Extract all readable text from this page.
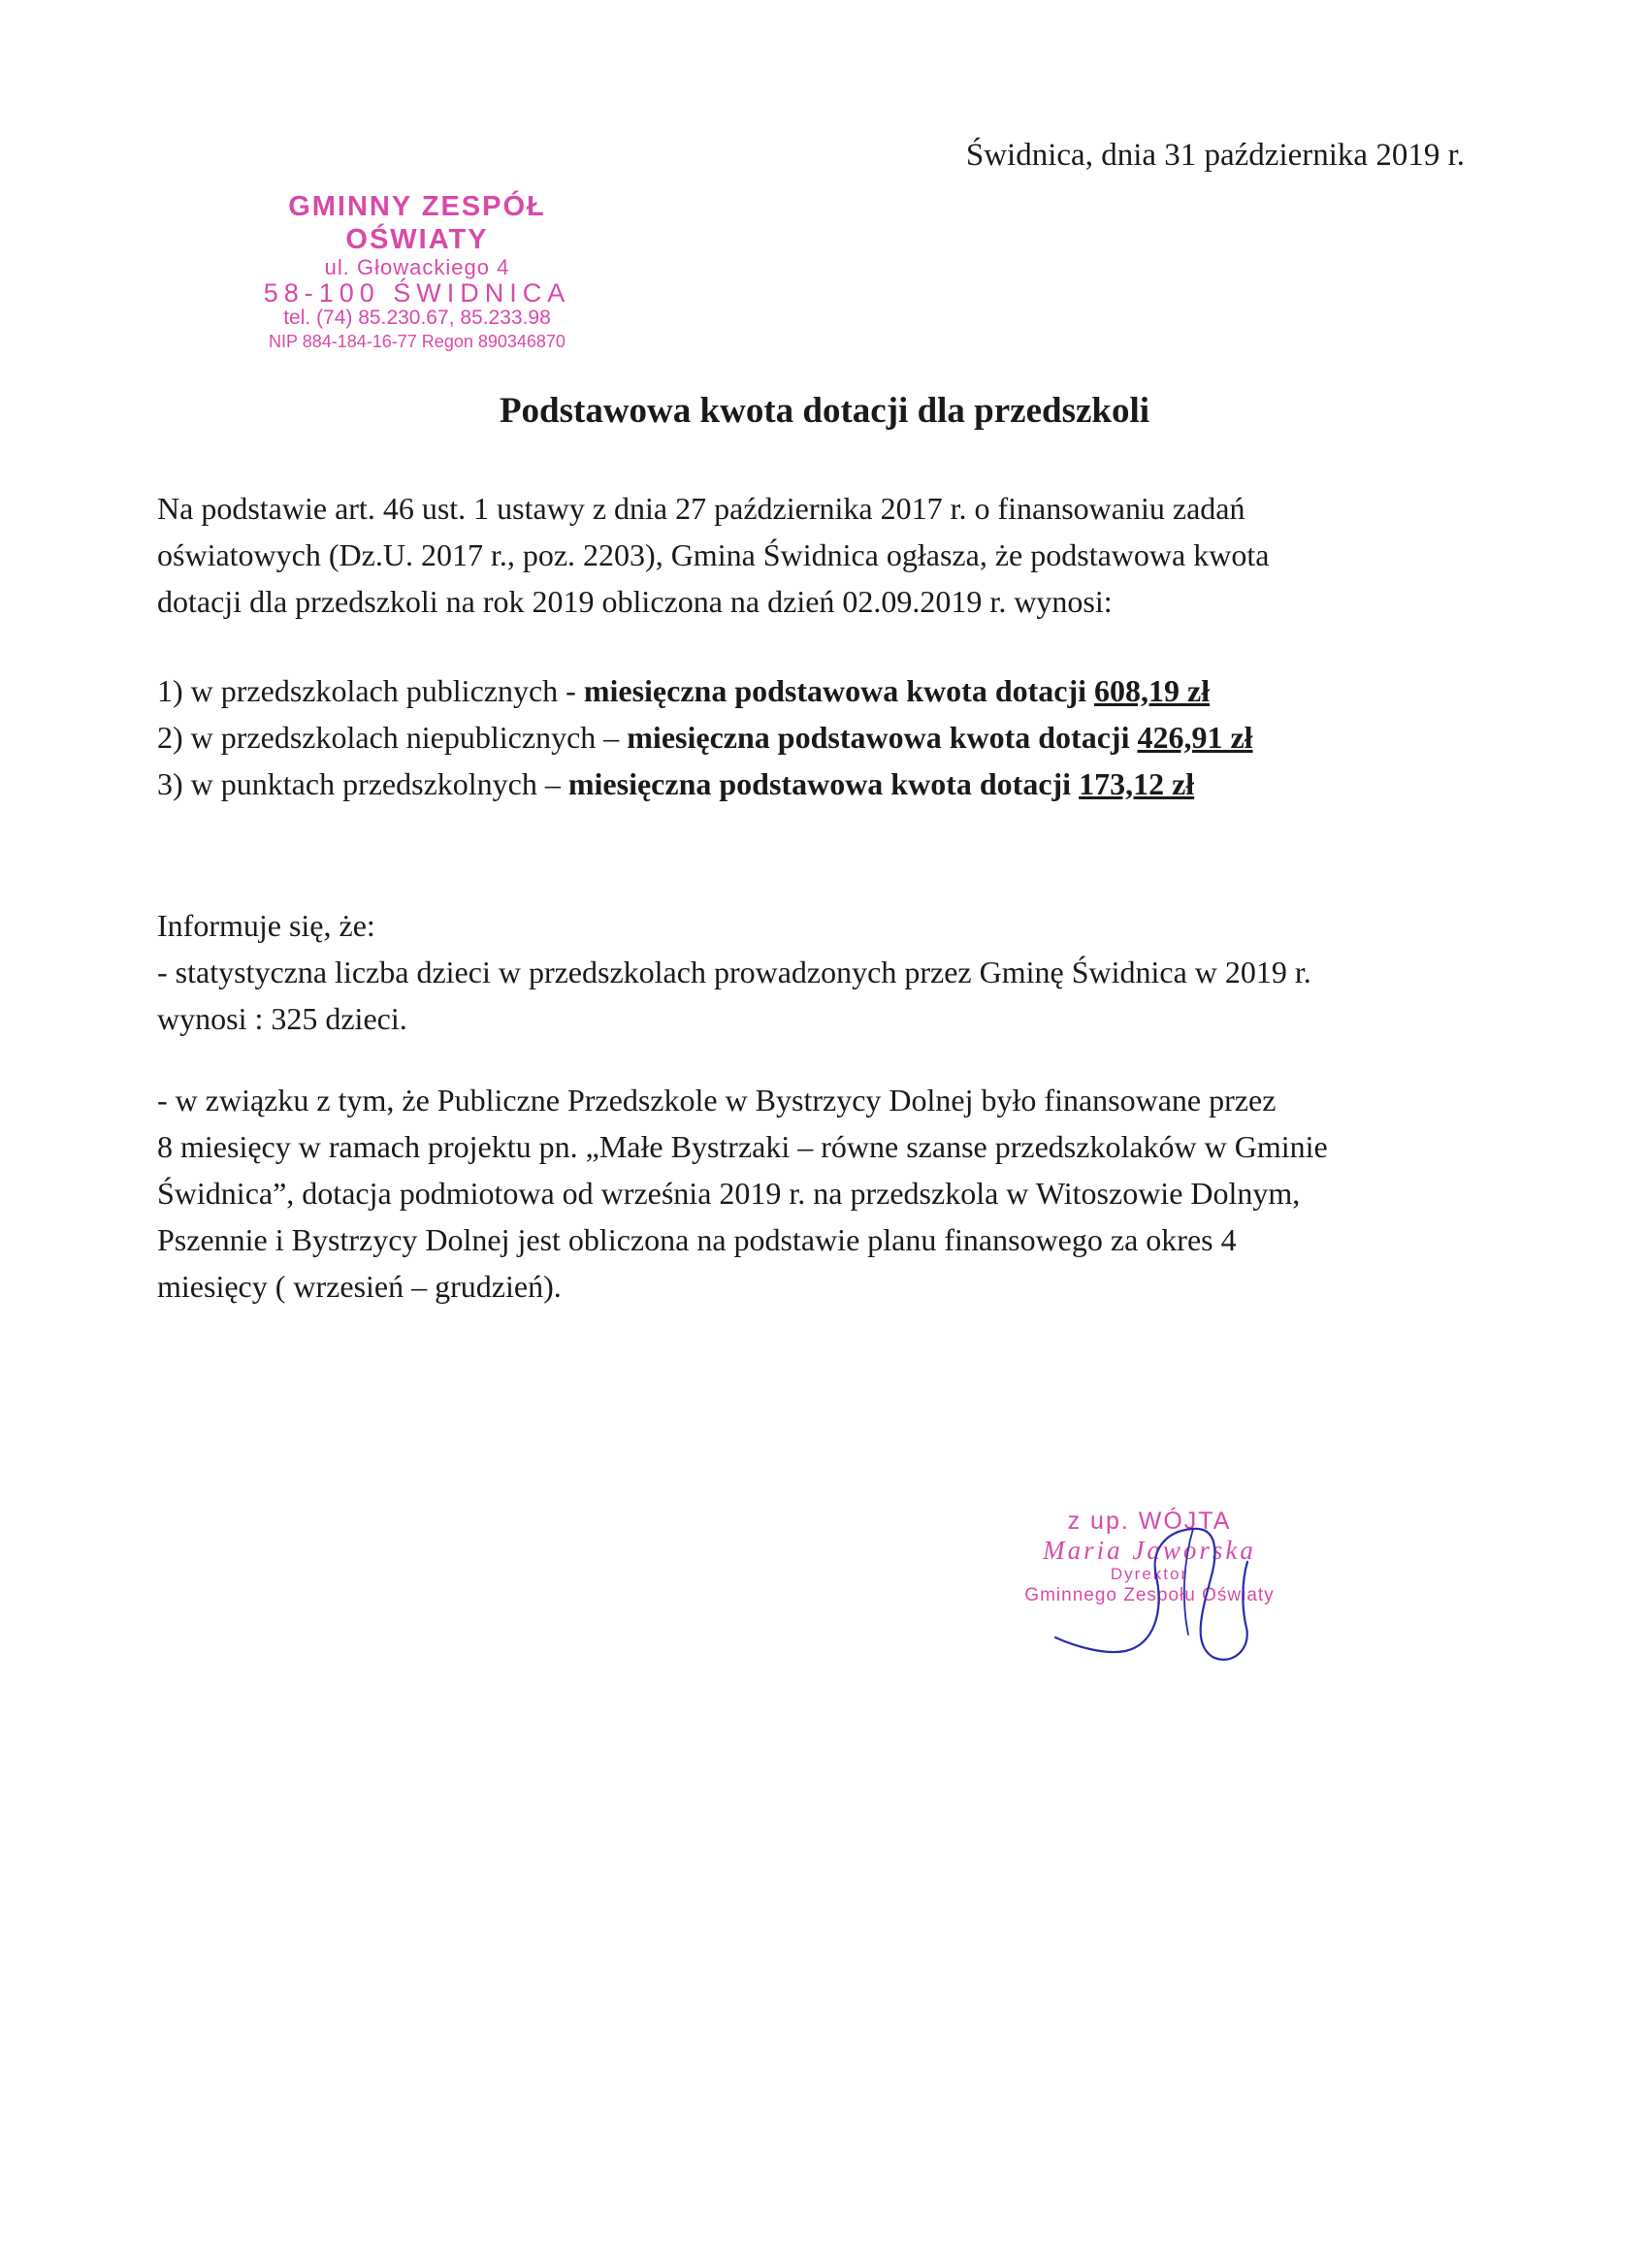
Świdnica, dnia 31 października 2019 r.
GMINNY ZESPÓŁ OŚWIATY
ul. Głowackiego 4
58-100 ŚWIDNICA
tel. (74) 85.230.67, 85.233.98
NIP 884-184-16-77 Regon 890346870
Podstawowa kwota dotacji dla przedszkoli

Na podstawie art. 46 ust. 1 ustawy z dnia 27 października 2017 r. o finansowaniu zadań

oświatowych (Dz.U. 2017 r., poz. 2203), Gmina Świdnica ogłasza, że podstawowa kwota

dotacji dla przedszkoli na rok 2019 obliczona na dzień 02.09.2019 r. wynosi:

1) w przedszkolach publicznych - miesięczna podstawowa kwota dotacji 608,19 zł

2) w przedszkolach niepublicznych – miesięczna podstawowa kwota dotacji 426,91 zł

3) w punktach przedszkolnych – miesięczna podstawowa kwota dotacji 173,12 zł

Informuje się, że:

- statystyczna liczba dzieci w przedszkolach prowadzonych przez Gminę Świdnica w 2019 r.

wynosi : 325 dzieci.

- w związku z tym, że Publiczne Przedszkole w Bystrzycy Dolnej było finansowane przez

8 miesięcy w ramach projektu pn. „Małe Bystrzaki – równe szanse przedszkolaków w Gminie

Świdnica”, dotacja podmiotowa od września 2019 r. na przedszkola w Witoszowie Dolnym,

Pszennie i Bystrzycy Dolnej jest obliczona na podstawie planu finansowego za okres 4

miesięcy ( wrzesień – grudzień).

z up. WÓJTA
Maria Jaworska
Dyrektor
Gminnego Zespołu Oświaty
